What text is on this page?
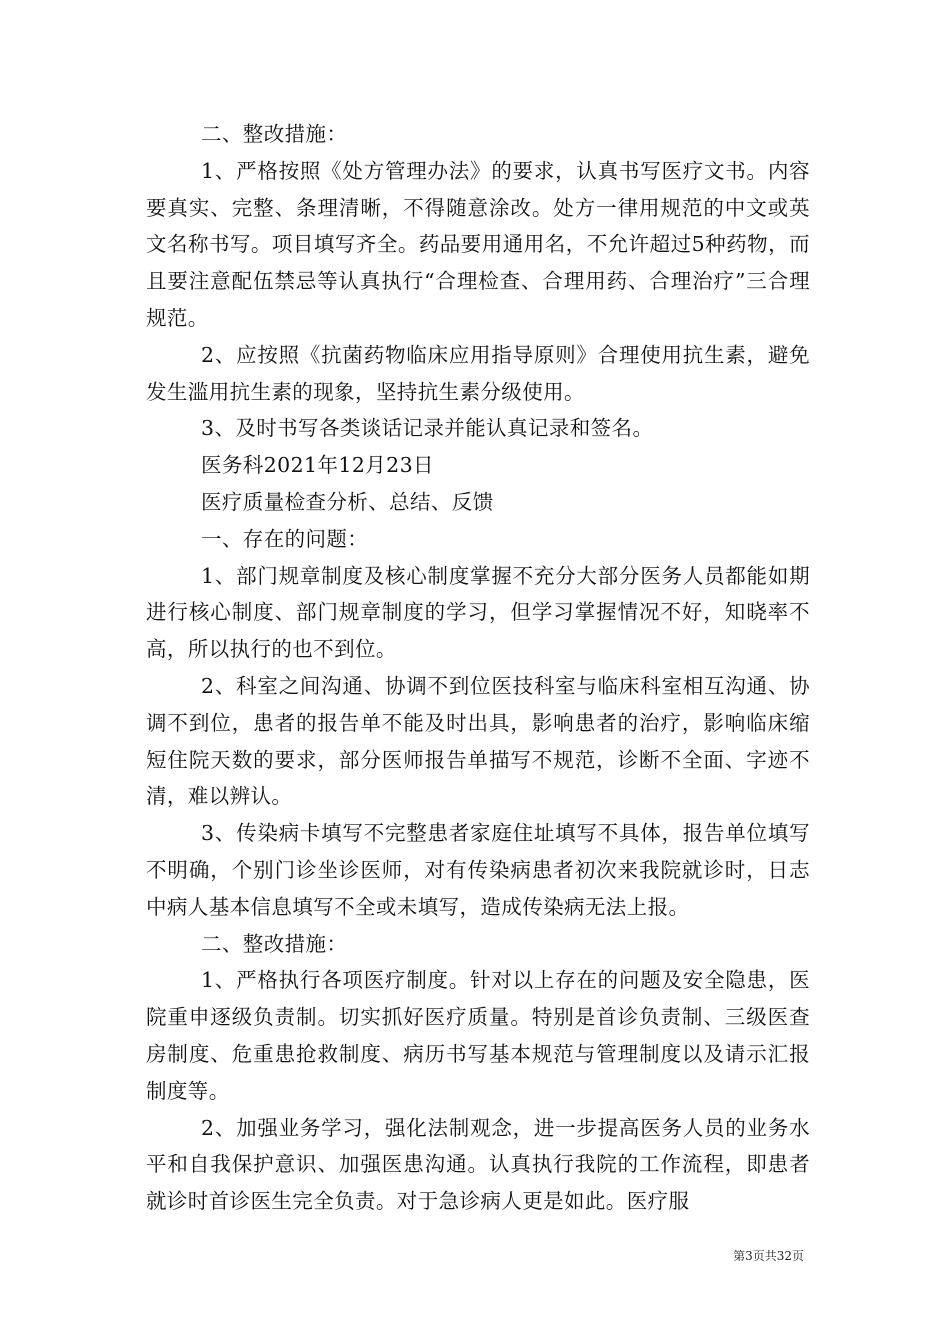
二、整改措施：

1、严格按照《处方管理办法》的要求，认真书写医疗文书。内容要真实、完整、条理清晰，不得随意涂改。处方一律用规范的中文或英文名称书写。项目填写齐全。药品要用通用名，不允许超过5种药物，而且要注意配伍禁忌等认真执行“合理检查、合理用药、合理治疗”三合理规范。

2、应按照《抗菌药物临床应用指导原则》合理使用抗生素，避免发生滥用抗生素的现象，坚持抗生素分级使用。

3、及时书写各类谈话记录并能认真记录和签名。

医务科2021年12月23日

医疗质量检查分析、总结、反馈

一、存在的问题：

1、部门规章制度及核心制度掌握不充分大部分医务人员都能如期进行核心制度、部门规章制度的学习，但学习掌握情况不好，知晓率不高，所以执行的也不到位。

2、科室之间沟通、协调不到位医技科室与临床科室相互沟通、协调不到位，患者的报告单不能及时出具，影响患者的治疗，影响临床缩短住院天数的要求，部分医师报告单描写不规范，诊断不全面、字迹不清，难以辨认。

3、传染病卡填写不完整患者家庭住址填写不具体，报告单位填写不明确，个别门诊坐诊医师，对有传染病患者初次来我院就诊时，日志中病人基本信息填写不全或未填写，造成传染病无法上报。

二、整改措施：

1、严格执行各项医疗制度。针对以上存在的问题及安全隐患，医院重申逐级负责制。切实抓好医疗质量。特别是首诊负责制、三级医查房制度、危重患抢救制度、病历书写基本规范与管理制度以及请示汇报制度等。

2、加强业务学习，强化法制观念，进一步提高医务人员的业务水平和自我保护意识、加强医患沟通。认真执行我院的工作流程，即患者就诊时首诊医生完全负责。对于急诊病人更是如此。医疗服

第3页共32页
